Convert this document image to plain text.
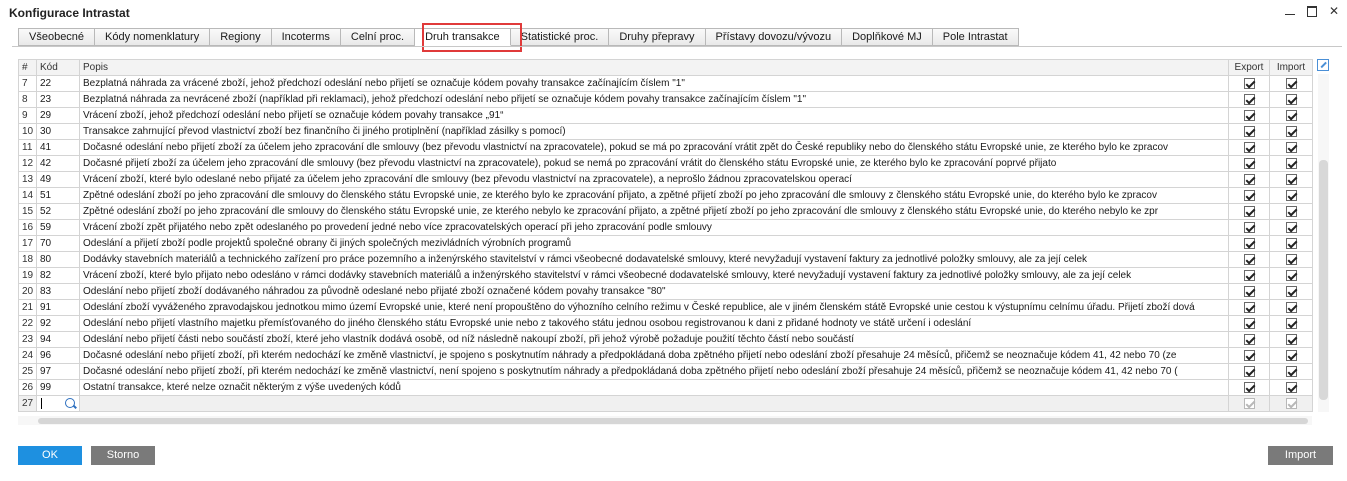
Konfigurace Intrastat	✕
Všeobecné	Kódy nomenklatury	Regiony	Incoterms	Celní proc.	Druh transakce	Statistické proc.	Druhy přepravy	Přístavy dovozu/vývozu	Doplňkové MJ	Pole Intrastat
#	Kód	Popis	Export	Import
7	22	Bezplatná náhrada za vrácené zboží, jehož předchozí odeslání nebo přijetí se označuje kódem povahy transakce začínajícím číslem "1"		
8	23	Bezplatná náhrada za nevrácené zboží (například při reklamaci), jehož předchozí odeslání nebo přijetí se označuje kódem povahy transakce začínajícím číslem "1"		
9	29	Vrácení zboží, jehož předchozí odeslání nebo přijetí se označuje kódem povahy transakce „91“		
10	30	Transakce zahrnující převod vlastnictví zboží bez finančního či jiného protiplnění (například zásilky s pomocí)		
11	41	Dočasné odeslání nebo přijetí zboží za účelem jeho zpracování dle smlouvy (bez převodu vlastnictví na zpracovatele), pokud se má po zpracování vrátit zpět do České republiky nebo do členského státu Evropské unie, ze kterého bylo ke zpracov		
12	42	Dočasné přijetí zboží za účelem jeho zpracování dle smlouvy (bez převodu vlastnictví na zpracovatele), pokud se nemá po zpracování vrátit do členského státu Evropské unie, ze kterého bylo ke zpracování poprvé přijato		
13	49	Vrácení zboží, které bylo odeslané nebo přijaté za účelem jeho zpracování dle smlouvy (bez převodu vlastnictví na zpracovatele), a neprošlo žádnou zpracovatelskou operací		
14	51	Zpětné odeslání zboží po jeho zpracování dle smlouvy do členského státu Evropské unie, ze kterého bylo ke zpracování přijato, a zpětné přijetí zboží po jeho zpracování dle smlouvy z členského státu Evropské unie, do kterého bylo ke zpracov		
15	52	Zpětné odeslání zboží po jeho zpracování dle smlouvy do členského státu Evropské unie, ze kterého nebylo ke zpracování přijato, a zpětné přijetí zboží po jeho zpracování dle smlouvy z členského státu Evropské unie, do kterého nebylo ke zpr		
16	59	Vrácení zboží zpět přijatého nebo zpět odeslaného po provedení jedné nebo více zpracovatelských operací při jeho zpracování podle smlouvy		
17	70	Odeslání a přijetí zboží podle projektů společné obrany či jiných společných mezivládních výrobních programů		
18	80	Dodávky stavebních materiálů a technického zařízení pro práce pozemního a inženýrského stavitelství v rámci všeobecné dodavatelské smlouvy, které nevyžadují vystavení faktury za jednotlivé položky smlouvy, ale za její celek		
19	82	Vrácení zboží, které bylo přijato nebo odesláno v rámci dodávky stavebních materiálů a inženýrského stavitelství v rámci všeobecné dodavatelské smlouvy, které nevyžadují vystavení faktury za jednotlivé položky smlouvy, ale za její celek		
20	83	Odeslání nebo přijetí zboží dodávaného náhradou za původně odeslané nebo přijaté zboží označené kódem povahy transakce "80"		
21	91	Odeslání zboží vyváženého zpravodajskou jednotkou mimo území Evropské unie, které není propouštěno do výhozního celního režimu v České republice, ale v jiném členském státě Evropské unie cestou k výstupnímu celnímu úřadu. Přijetí zboží dová		
22	92	Odeslání nebo přijetí vlastního majetku přemísťovaného do jiného členského státu Evropské unie nebo z takového státu jednou osobou registrovanou k dani z přidané hodnoty ve státě určení i odeslání		
23	94	Odeslání nebo přijetí části nebo součástí zboží, které jeho vlastník dodává osobě, od níž následně nakoupí zboží, při jehož výrobě požaduje použití těchto částí nebo součástí		
24	96	Dočasné odeslání nebo přijetí zboží, při kterém nedochází ke změně vlastnictví, je spojeno s poskytnutím náhrady a předpokládaná doba zpětného přijetí nebo odeslání zboží přesahuje 24 měsíců, přičemž se neoznačuje kódem 41, 42 nebo 70 (ze		
25	97	Dočasné odeslání nebo přijetí zboží, při kterém nedochází ke změně vlastnictví, není spojeno s poskytnutím náhrady a předpokládaná doba zpětného přijetí nebo odeslání zboží přesahuje 24 měsíců, přičemž se neoznačuje kódem 41, 42 nebo 70 (		
26	99	Ostatní transakce, které nelze označit některým z výše uvedených kódů		
27	

OK	Storno	Import
